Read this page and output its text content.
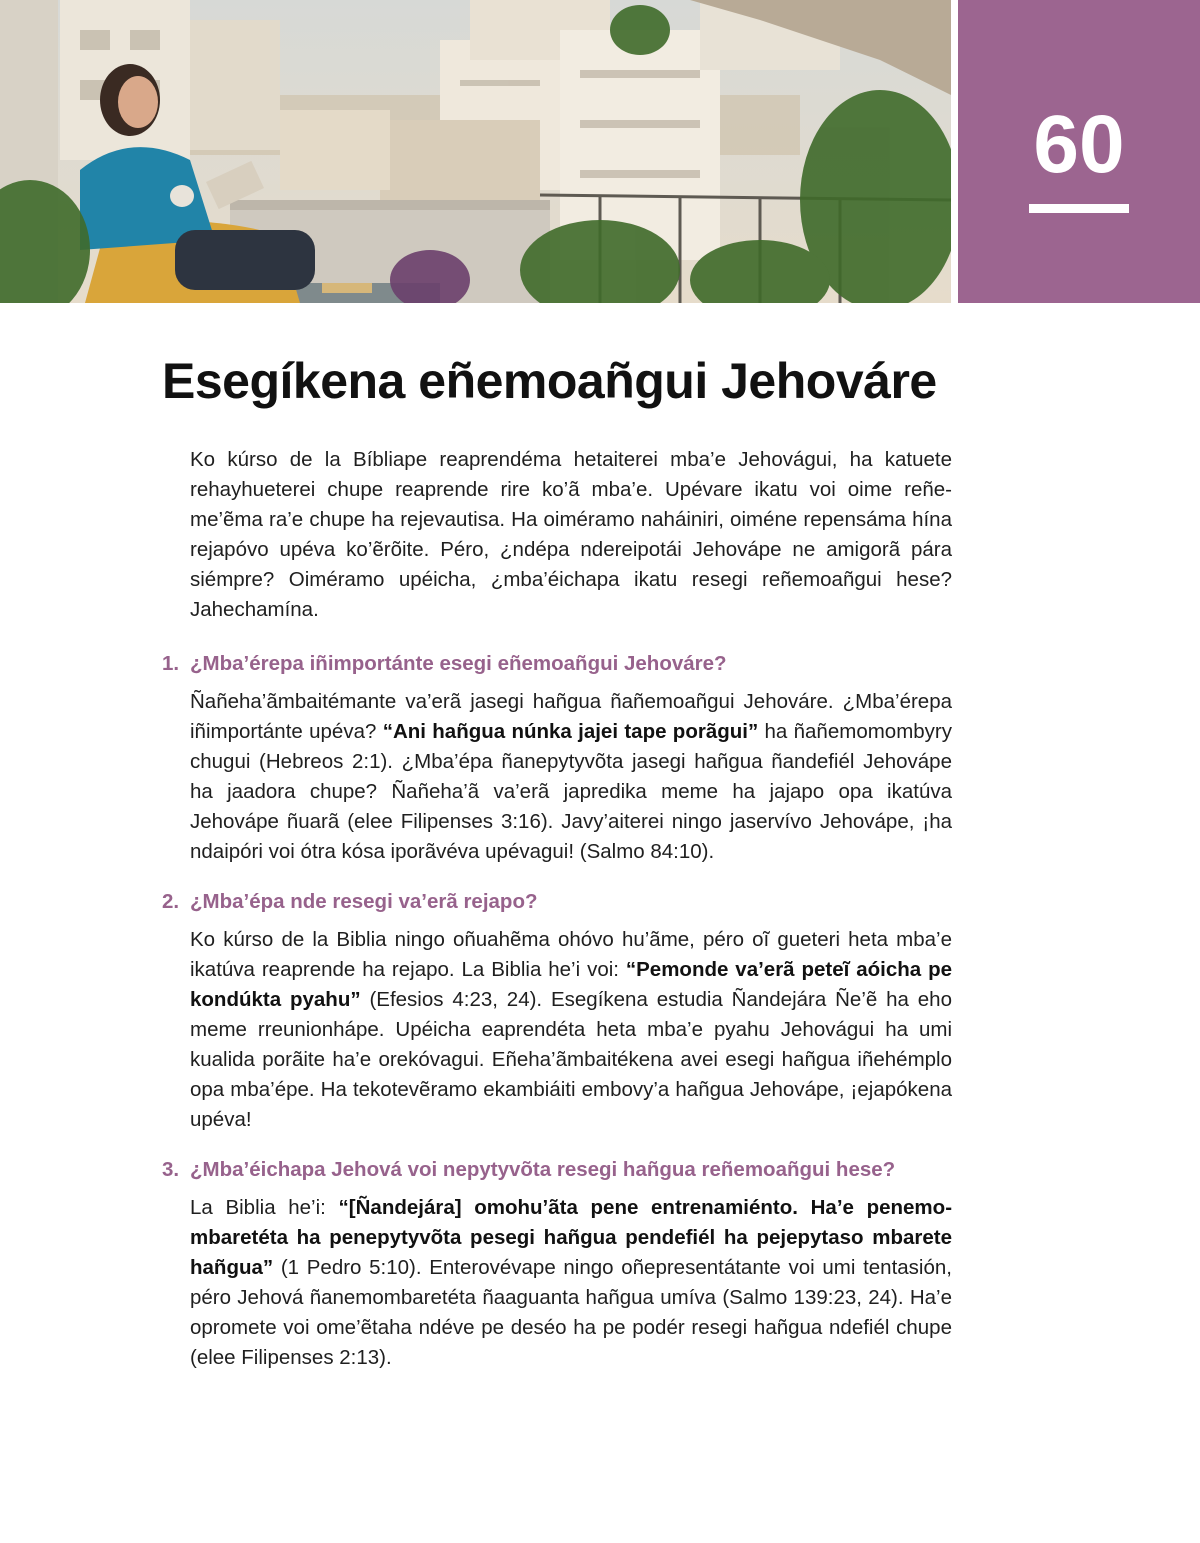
60
Esegíkena eñemoañgui Jehováre

Ko kúrso de la Bíbliape reaprendéma hetaiterei mba’e Jehovágui, ha katuete rehayhueterei chupe reaprende rire ko’ã mba’e. Upévare ikatu voi oime reñeme’ẽma ra’e chupe ha rejevautisa. Ha oiméramo naháiniri, oiméne repensáma hína rejapóvo upéva ko’ẽrõite. Péro, ¿ndépa ndereipotái Jehovápe ne amigorã pára siémpre? Oiméramo upéicha, ¿mba’éichapa ikatu resegi reñemoañgui hese? Jahechamína.

1. ¿Mba’érepa iñimportánte esegi eñemoañgui Jehováre?

Ñañeha’ãmbaitémante va’erã jasegi hañgua ñañemoañgui Jehováre. ¿Mba’érepa iñimportánte upéva? “Ani hañgua núnka jajei tape porãgui” ha ñañemomombyry chugui (Hebreos 2:1). ¿Mba’épa ñanepytyvõta jasegi hañgua ñandefiél Jehovápe ha jaadora chupe? Ñañeha’ã va’erã japredika meme ha jajapo opa ikatúva Jehovápe ñuarã (elee Filipenses 3:16). Javy’aiterei ningo jaservívo Jehovápe, ¡ha ndaipóri voi ótra kósa iporãvéva upévagui! (Salmo 84:10).

2. ¿Mba’épa nde resegi va’erã rejapo?

Ko kúrso de la Biblia ningo oñuahẽma ohóvo hu’ãme, péro oĩ gueteri heta mba’e ikatúva reaprende ha rejapo. La Biblia he’i voi: “Pemonde va’erã peteĩ aóicha pe kondúkta pyahu” (Efesios 4:23, 24). Esegíkena estudia Ñandejára Ñe’ẽ ha eho meme rreunionhápe. Upéicha eaprendéta heta mba’e pyahu Jehovágui ha umi kualida porãite ha’e orekóvagui. Eñeha’ãmbaitékena avei esegi hañgua iñehémplo opa mba’épe. Ha tekotevẽramo ekambiáiti embovy’a hañgua Jehovápe, ¡ejapókena upéva!

3. ¿Mba’éichapa Jehová voi nepytyvõta resegi hañgua reñemoañgui hese?

La Biblia he’i: “[Ñandejára] omohu’ãta pene entrenamiénto. Ha’e penemombaretéta ha penepytyvõta pesegi hañgua pendefiél ha pejepytaso mbarete hañgua” (1 Pedro 5:10). Enterovévape ningo oñepresentátante voi umi tentasión, péro Jehová ñanemombaretéta ñaaguanta hañgua umíva (Salmo 139:23, 24). Ha’e opromete voi ome’ẽtaha ndéve pe deséo ha pe podér resegi hañgua ndefiél chupe (elee Filipenses 2:13).
